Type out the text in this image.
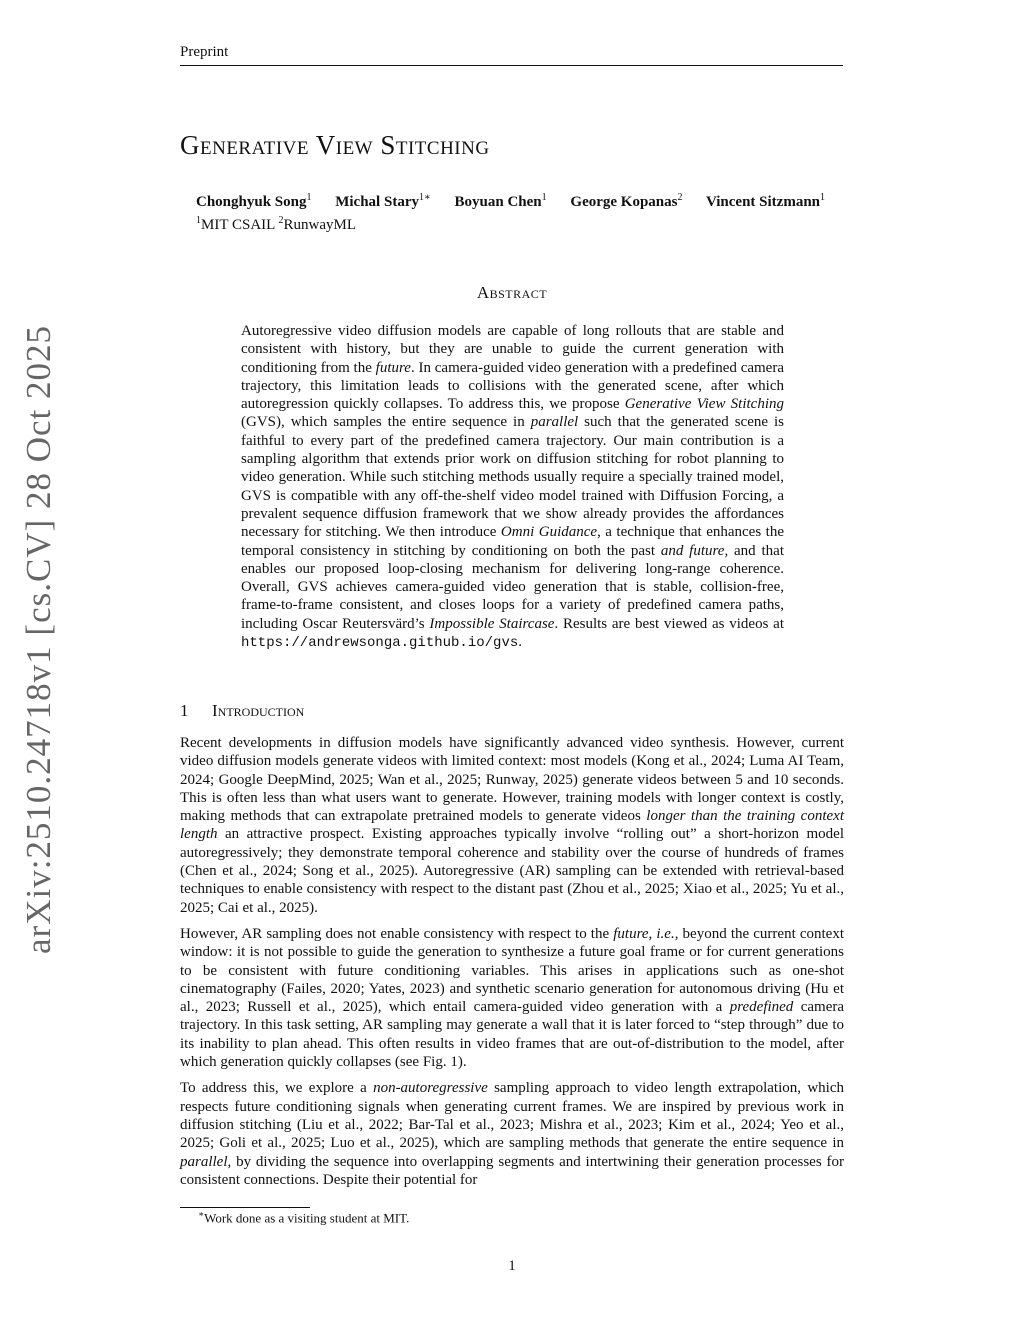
Preprint
arXiv:2510.24718v1 [cs.CV] 28 Oct 2025
Generative View Stitching
Chonghyuk Song$^1$ Michal Stary$^{1∗}$ Boyuan Chen$^1$ George Kopanas$^2$ Vincent Sitzmann$^1$
$^1$MIT CSAIL $^2$RunwayML
Abstract
Autoregressive video diffusion models are capable of long rollouts that are stable and consistent with history, but they are unable to guide the current generation with conditioning from the future. In camera-guided video generation with a predefined camera trajectory, this limitation leads to collisions with the generated scene, after which autoregression quickly collapses. To address this, we propose Generative View Stitching (GVS), which samples the entire sequence in parallel such that the generated scene is faithful to every part of the predefined camera trajectory. Our main contribution is a sampling algorithm that extends prior work on diffusion stitching for robot planning to video generation. While such stitching methods usually require a specially trained model, GVS is compatible with any off-the-shelf video model trained with Diffusion Forcing, a prevalent sequence diffusion framework that we show already provides the affordances necessary for stitching. We then introduce Omni Guidance, a technique that enhances the temporal consistency in stitching by conditioning on both the past and future, and that enables our proposed loop-closing mechanism for delivering long-range coherence. Overall, GVS achieves camera-guided video generation that is stable, collision-free, frame-to-frame consistent, and closes loops for a variety of predefined camera paths, including Oscar Reutersvärd’s Impossible Staircase. Results are best viewed as videos at https://andrewsonga.github.io/gvs.
1 Introduction

Recent developments in diffusion models have significantly advanced video synthesis. However, current video diffusion models generate videos with limited context: most models (Kong et al., 2024; Luma AI Team, 2024; Google DeepMind, 2025; Wan et al., 2025; Runway, 2025) generate videos between 5 and 10 seconds. This is often less than what users want to generate. However, training models with longer context is costly, making methods that can extrapolate pretrained models to generate videos longer than the training context length an attractive prospect. Existing approaches typically involve “rolling out” a short-horizon model autoregressively; they demonstrate temporal coherence and stability over the course of hundreds of frames (Chen et al., 2024; Song et al., 2025). Autoregressive (AR) sampling can be extended with retrieval-based techniques to enable consistency with respect to the distant past (Zhou et al., 2025; Xiao et al., 2025; Yu et al., 2025; Cai et al., 2025).

However, AR sampling does not enable consistency with respect to the future, i.e., beyond the current context window: it is not possible to guide the generation to synthesize a future goal frame or for current generations to be consistent with future conditioning variables. This arises in applications such as one-shot cinematography (Failes, 2020; Yates, 2023) and synthetic scenario generation for autonomous driving (Hu et al., 2023; Russell et al., 2025), which entail camera-guided video generation with a predefined camera trajectory. In this task setting, AR sampling may generate a wall that it is later forced to “step through” due to its inability to plan ahead. This often results in video frames that are out-of-distribution to the model, after which generation quickly collapses (see Fig. 1).

To address this, we explore a non-autoregressive sampling approach to video length extrapolation, which respects future conditioning signals when generating current frames. We are inspired by previous work in diffusion stitching (Liu et al., 2022; Bar-Tal et al., 2023; Mishra et al., 2023; Kim et al., 2024; Yeo et al., 2025; Goli et al., 2025; Luo et al., 2025), which are sampling methods that generate the entire sequence in parallel, by dividing the sequence into overlapping segments and intertwining their generation processes for consistent connections. Despite their potential for

∗Work done as a visiting student at MIT.
1
